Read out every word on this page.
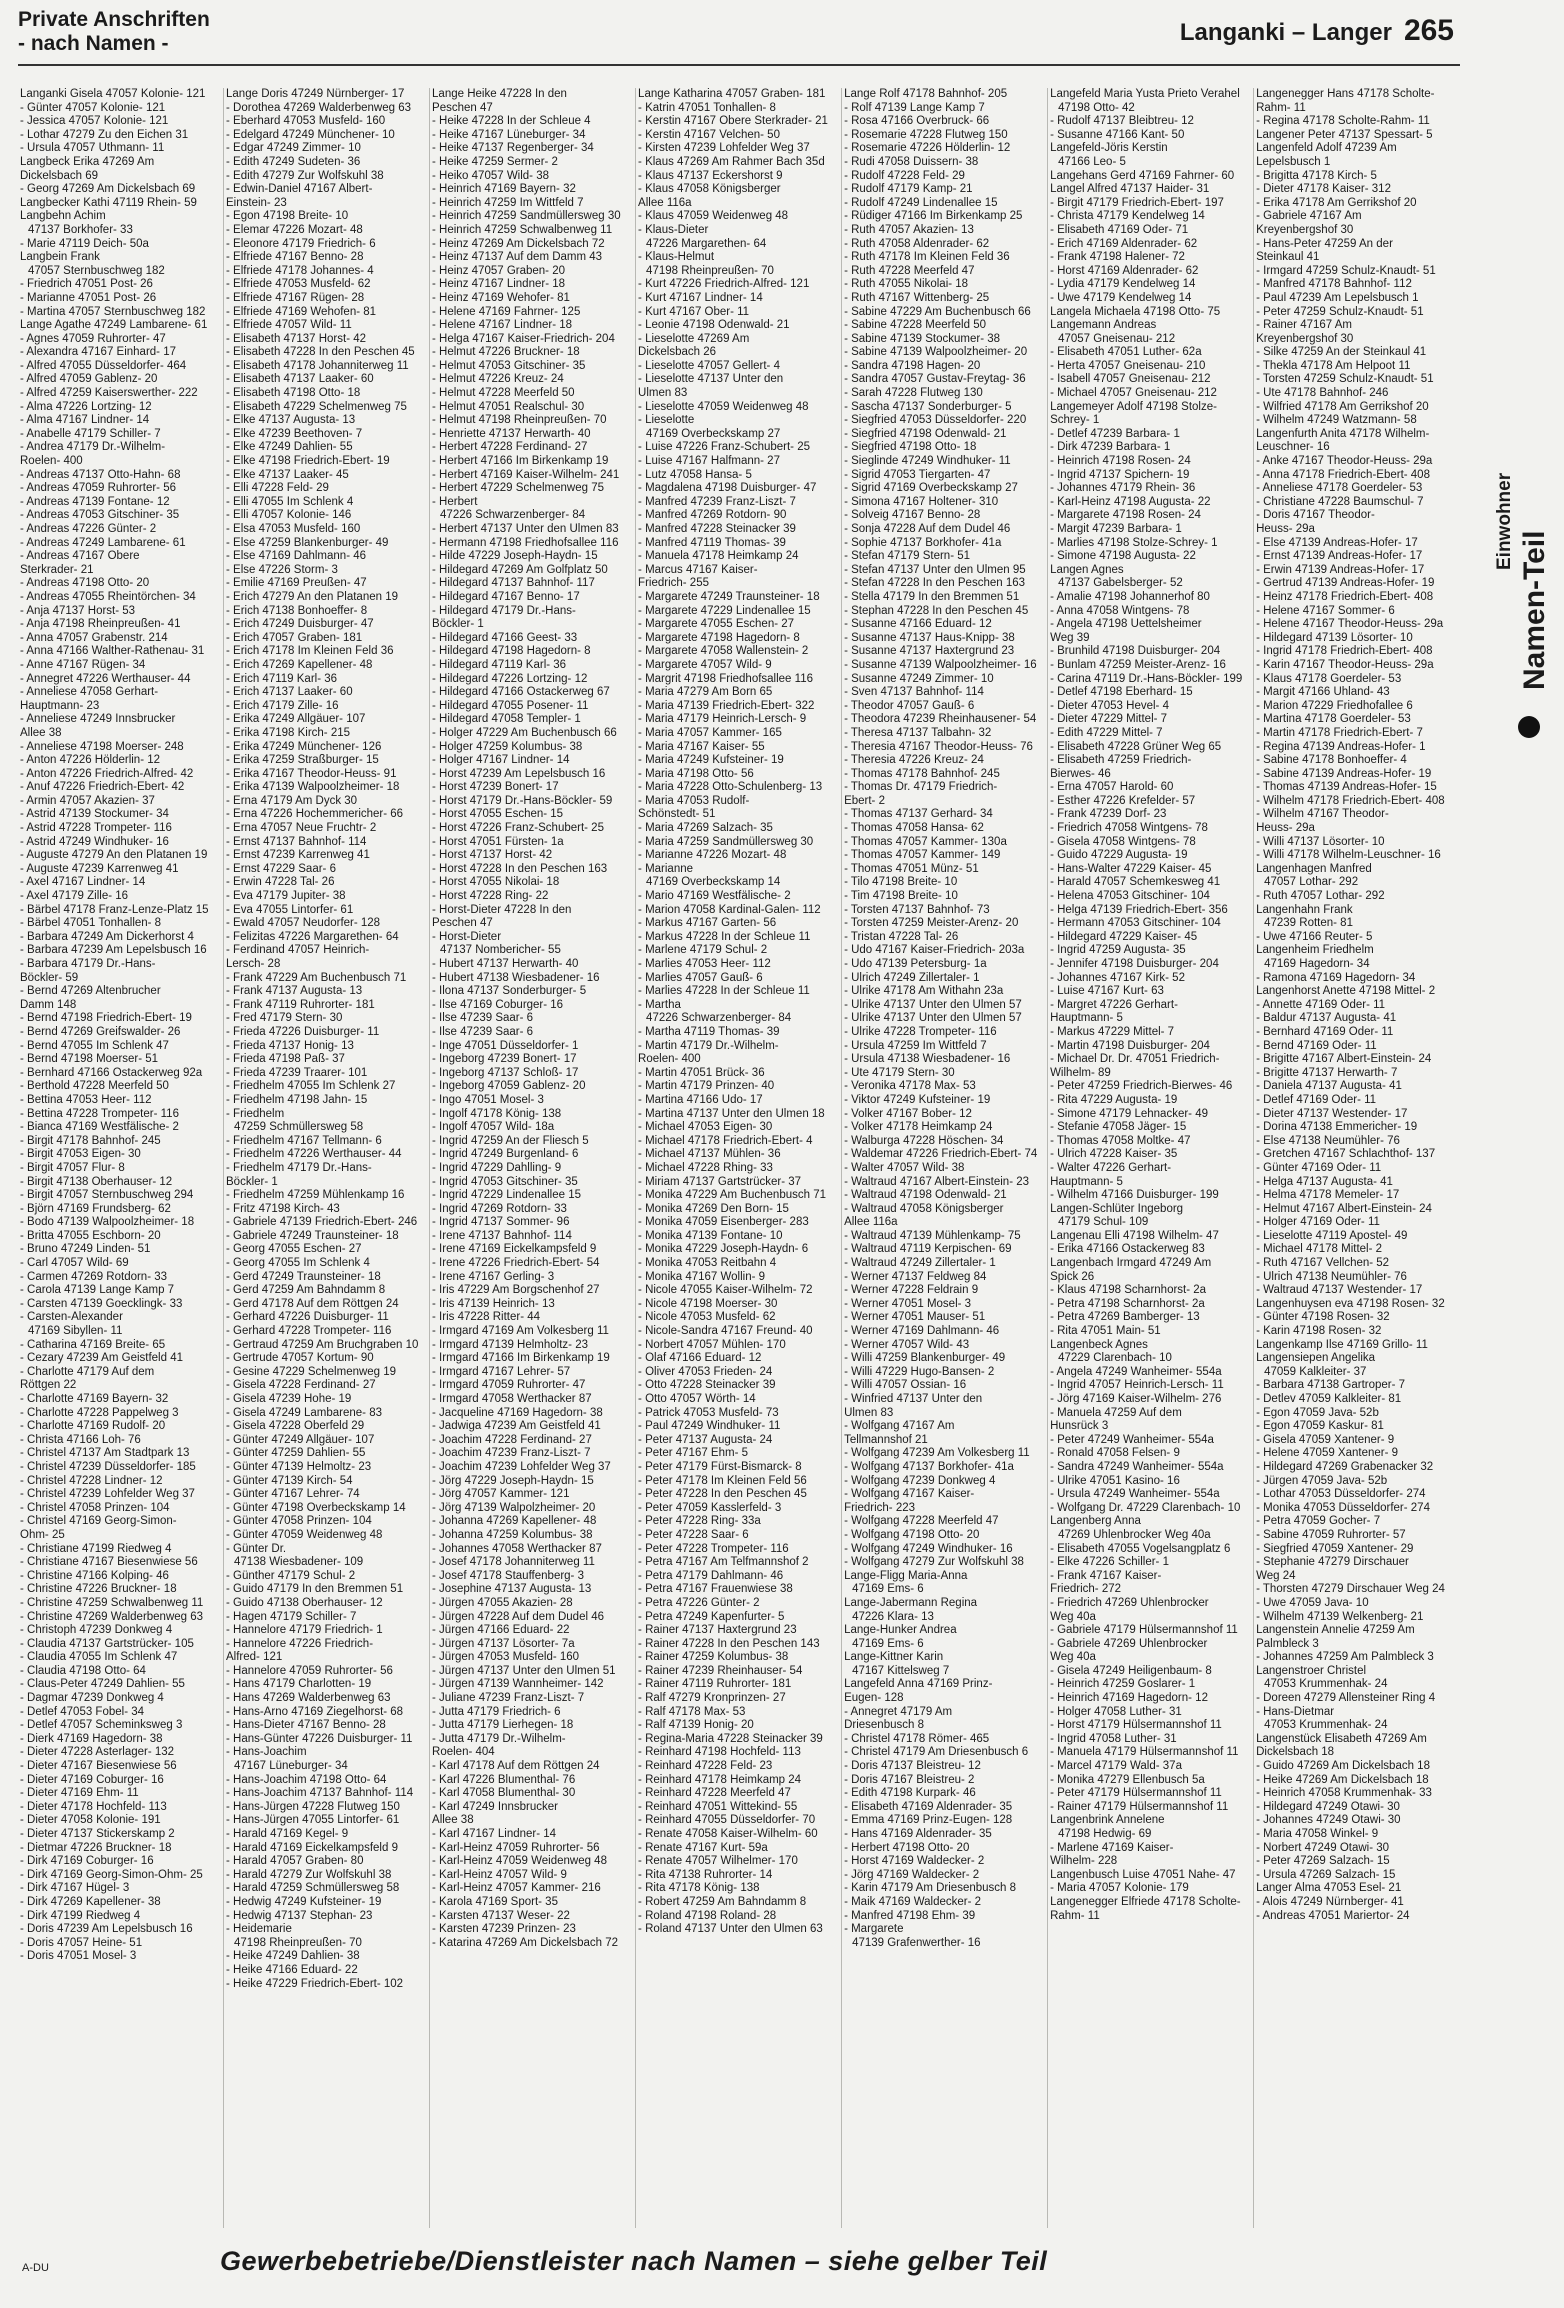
Private Anschriften
- nach Namen -	Langanki – Langer 265
Langanki Gisela 47057 Kolonie- 121
- Günter 47057 Kolonie- 121
- Jessica 47057 Kolonie- 121
- Lothar 47279 Zu den Eichen 31
- Ursula 47057 Uthmann- 11
Langbeck Erika 47269 Am
Dickelsbach 69
- Georg 47269 Am Dickelsbach 69
Langbecker Kathi 47119 Rhein- 59
Langbehn Achim
47137 Borkhofer- 33
- Marie 47119 Deich- 50a
Langbein Frank
47057 Sternbuschweg 182
- Friedrich 47051 Post- 26
- Marianne 47051 Post- 26
- Martina 47057 Sternbuschweg 182
Lange Agathe 47249 Lambarene- 61
- Agnes 47059 Ruhrorter- 47
- Alexandra 47167 Einhard- 17
- Alfred 47055 Düsseldorfer- 464
- Alfred 47059 Gablenz- 20
- Alfred 47259 Kaiserswerther- 222
- Alma 47226 Lortzing- 12
- Alma 47167 Lindner- 14
- Anabelle 47179 Schiller- 7
- Andrea 47179 Dr.-Wilhelm-
Roelen- 400
- Andreas 47137 Otto-Hahn- 68
- Andreas 47059 Ruhrorter- 56
- Andreas 47139 Fontane- 12
- Andreas 47053 Gitschiner- 35
- Andreas 47226 Günter- 2
- Andreas 47249 Lambarene- 61
- Andreas 47167 Obere
Sterkrader- 21
- Andreas 47198 Otto- 20
- Andreas 47055 Rheintörchen- 34
- Anja 47137 Horst- 53
- Anja 47198 Rheinpreußen- 41
- Anna 47057 Grabenstr. 214
- Anna 47166 Walther-Rathenau- 31
- Anne 47167 Rügen- 34
- Annegret 47226 Werthauser- 44
- Anneliese 47058 Gerhart-
Hauptmann- 23
- Anneliese 47249 Innsbrucker
Allee 38
- Anneliese 47198 Moerser- 248
- Anton 47226 Hölderlin- 12
- Anton 47226 Friedrich-Alfred- 42
- Anuf 47226 Friedrich-Ebert- 42
- Armin 47057 Akazien- 37
- Astrid 47139 Stockumer- 34
- Astrid 47228 Trompeter- 116
- Astrid 47249 Windhuker- 16
- Auguste 47279 An den Platanen 19
- Auguste 47239 Karrenweg 41
- Axel 47167 Lindner- 14
- Axel 47179 Zille- 16
- Bärbel 47178 Franz-Lenze-Platz 15
- Bärbel 47051 Tonhallen- 8
- Barbara 47249 Am Dickerhorst 4
- Barbara 47239 Am Lepelsbusch 16
- Barbara 47179 Dr.-Hans-
Böckler- 59
- Bernd 47269 Altenbrucher
Damm 148
- Bernd 47198 Friedrich-Ebert- 19
- Bernd 47269 Greifswalder- 26
- Bernd 47055 Im Schlenk 47
- Bernd 47198 Moerser- 51
- Bernhard 47166 Ostackerweg 92a
- Berthold 47228 Meerfeld 50
- Bettina 47053 Heer- 112
- Bettina 47228 Trompeter- 116
- Bianca 47169 Westfälische- 2
- Birgit 47178 Bahnhof- 245
- Birgit 47053 Eigen- 30
- Birgit 47057 Flur- 8
- Birgit 47138 Oberhauser- 12
- Birgit 47057 Sternbuschweg 294
- Björn 47169 Frundsberg- 62
- Bodo 47139 Walpoolzheimer- 18
- Britta 47055 Eschborn- 20
- Bruno 47249 Linden- 51
- Carl 47057 Wild- 69
- Carmen 47269 Rotdorn- 33
- Carola 47139 Lange Kamp 7
- Carsten 47139 Goecklingk- 33
- Carsten-Alexander
47169 Sibyllen- 11
- Catharina 47169 Breite- 65
- Cezary 47239 Am Geistfeld 41
- Charlotte 47179 Auf dem
Röttgen 22
- Charlotte 47169 Bayern- 32
- Charlotte 47228 Pappelweg 3
- Charlotte 47169 Rudolf- 20
- Christa 47166 Loh- 76
- Christel 47137 Am Stadtpark 13
- Christel 47239 Düsseldorfer- 185
- Christel 47228 Lindner- 12
- Christel 47239 Lohfelder Weg 37
- Christel 47058 Prinzen- 104
- Christel 47169 Georg-Simon-
Ohm- 25
- Christiane 47199 Riedweg 4
- Christiane 47167 Biesenwiese 56
- Christine 47166 Kolping- 46
- Christine 47226 Bruckner- 18
- Christine 47259 Schwalbenweg 11
- Christine 47269 Walderbenweg 63
- Christoph 47239 Donkweg 4
- Claudia 47137 Gartstrücker- 105
- Claudia 47055 Im Schlenk 47
- Claudia 47198 Otto- 64
- Claus-Peter 47249 Dahlien- 55
- Dagmar 47239 Donkweg 4
- Detlef 47053 Fobel- 34
- Detlef 47057 Scheminksweg 3
- Dierk 47169 Hagedorn- 38
- Dieter 47228 Asterlager- 132
- Dieter 47167 Biesenwiese 56
- Dieter 47169 Coburger- 16
- Dieter 47169 Ehm- 11
- Dieter 47178 Hochfeld- 113
- Dieter 47058 Kolonie- 191
- Dieter 47137 Stickerskamp 2
- Dietmar 47226 Bruckner- 18
- Dirk 47169 Coburger- 16
- Dirk 47169 Georg-Simon-Ohm- 25
- Dirk 47167 Hügel- 3
- Dirk 47269 Kapellener- 38
- Dirk 47199 Riedweg 4
- Doris 47239 Am Lepelsbusch 16
- Doris 47057 Heine- 51
- Doris 47051 Mosel- 3
Lange Doris 47249 Nürnberger- 17
- Dorothea 47269 Walderbenweg 63
- Eberhard 47053 Musfeld- 160
- Edelgard 47249 Münchener- 10
- Edgar 47249 Zimmer- 10
- Edith 47249 Sudeten- 36
- Edith 47279 Zur Wolfskuhl 38
- Edwin-Daniel 47167 Albert-
Einstein- 23
- Egon 47198 Breite- 10
- Elemar 47226 Mozart- 48
- Eleonore 47179 Friedrich- 6
- Elfriede 47167 Benno- 28
- Elfriede 47178 Johannes- 4
- Elfriede 47053 Musfeld- 62
- Elfriede 47167 Rügen- 28
- Elfriede 47169 Wehofen- 81
- Elfriede 47057 Wild- 11
- Elisabeth 47137 Horst- 42
- Elisabeth 47228 In den Peschen 45
- Elisabeth 47178 Johanniterweg 11
- Elisabeth 47137 Laaker- 60
- Elisabeth 47198 Otto- 18
- Elisabeth 47229 Schelmenweg 75
- Elke 47137 Augusta- 13
- Elke 47239 Beethoven- 7
- Elke 47249 Dahlien- 55
- Elke 47198 Friedrich-Ebert- 19
- Elke 47137 Laaker- 45
- Elli 47228 Feld- 29
- Elli 47055 Im Schlenk 4
- Elli 47057 Kolonie- 146
- Elsa 47053 Musfeld- 160
- Else 47259 Blankenburger- 49
- Else 47169 Dahlmann- 46
- Else 47226 Storm- 3
- Emilie 47169 Preußen- 47
- Erich 47279 An den Platanen 19
- Erich 47138 Bonhoeffer- 8
- Erich 47249 Duisburger- 47
- Erich 47057 Graben- 181
- Erich 47178 Im Kleinen Feld 36
- Erich 47269 Kapellener- 48
- Erich 47119 Karl- 36
- Erich 47137 Laaker- 60
- Erich 47179 Zille- 16
- Erika 47249 Allgäuer- 107
- Erika 47198 Kirch- 215
- Erika 47249 Münchener- 126
- Erika 47259 Straßburger- 15
- Erika 47167 Theodor-Heuss- 91
- Erika 47139 Walpoolzheimer- 18
- Erna 47179 Am Dyck 30
- Erna 47226 Hochemmericher- 66
- Erna 47057 Neue Fruchtr- 2
- Ernst 47137 Bahnhof- 114
- Ernst 47239 Karrenweg 41
- Ernst 47229 Saar- 6
- Erwin 47228 Tal- 26
- Eva 47179 Jupiter- 38
- Eva 47055 Lintorfer- 61
- Ewald 47057 Neudorfer- 128
- Felizitas 47226 Margarethen- 64
- Ferdinand 47057 Heinrich-
Lersch- 28
- Frank 47229 Am Buchenbusch 71
- Frank 47137 Augusta- 13
- Frank 47119 Ruhrorter- 181
- Fred 47179 Stern- 30
- Frieda 47226 Duisburger- 11
- Frieda 47137 Honig- 13
- Frieda 47198 Paß- 37
- Frieda 47239 Traarer- 101
- Friedhelm 47055 Im Schlenk 27
- Friedhelm 47198 Jahn- 15
- Friedhelm
47259 Schmüllersweg 58
- Friedhelm 47167 Tellmann- 6
- Friedhelm 47226 Werthauser- 44
- Friedhelm 47179 Dr.-Hans-
Böckler- 1
- Friedhelm 47259 Mühlenkamp 16
- Fritz 47198 Kirch- 43
- Gabriele 47139 Friedrich-Ebert- 246
- Gabriele 47249 Traunsteiner- 18
- Georg 47055 Eschen- 27
- Georg 47055 Im Schlenk 4
- Gerd 47249 Traunsteiner- 18
- Gerd 47259 Am Bahndamm 8
- Gerd 47178 Auf dem Röttgen 24
- Gerhard 47226 Duisburger- 11
- Gerhard 47228 Trompeter- 116
- Gertraud 47259 Am Bruchgraben 10
- Gertrude 47057 Kortum- 90
- Gesine 47229 Schelmenweg 19
- Gisela 47228 Ferdinand- 27
- Gisela 47239 Hohe- 19
- Gisela 47249 Lambarene- 83
- Gisela 47228 Oberfeld 29
- Günter 47249 Allgäuer- 107
- Günter 47259 Dahlien- 55
- Günter 47139 Helmoltz- 23
- Günter 47139 Kirch- 54
- Günter 47167 Lehrer- 74
- Günter 47198 Overbeckskamp 14
- Günter 47058 Prinzen- 104
- Günter 47059 Weidenweg 48
- Günter Dr.
47138 Wiesbadener- 109
- Günther 47179 Schul- 2
- Guido 47179 In den Bremmen 51
- Guido 47138 Oberhauser- 12
- Hagen 47179 Schiller- 7
- Hannelore 47179 Friedrich- 1
- Hannelore 47226 Friedrich-
Alfred- 121
- Hannelore 47059 Ruhrorter- 56
- Hans 47179 Charlotten- 19
- Hans 47269 Walderbenweg 63
- Hans-Arno 47169 Ziegelhorst- 68
- Hans-Dieter 47167 Benno- 28
- Hans-Günter 47226 Duisburger- 11
- Hans-Joachim
47167 Lüneburger- 34
- Hans-Joachim 47198 Otto- 64
- Hans-Joachim 47137 Bahnhof- 114
- Hans-Jürgen 47228 Flutweg 150
- Hans-Jürgen 47055 Lintorfer- 61
- Harald 47169 Kegel- 9
- Harald 47169 Eickelkampsfeld 9
- Harald 47057 Graben- 80
- Harald 47279 Zur Wolfskuhl 38
- Harald 47259 Schmüllersweg 58
- Hedwig 47249 Kufsteiner- 19
- Hedwig 47137 Stephan- 23
- Heidemarie
47198 Rheinpreußen- 70
- Heike 47249 Dahlien- 38
- Heike 47166 Eduard- 22
- Heike 47229 Friedrich-Ebert- 102
Lange Heike 47228 In den
Peschen 47
- Heike 47228 In der Schleue 4
- Heike 47167 Lüneburger- 34
- Heike 47137 Regenberger- 34
- Heike 47259 Sermer- 2
- Heiko 47057 Wild- 38
- Heinrich 47169 Bayern- 32
- Heinrich 47259 Im Wittfeld 7
- Heinrich 47259 Sandmüllersweg 30
- Heinrich 47259 Schwalbenweg 11
- Heinz 47269 Am Dickelsbach 72
- Heinz 47137 Auf dem Damm 43
- Heinz 47057 Graben- 20
- Heinz 47167 Lindner- 18
- Heinz 47169 Wehofer- 81
- Helene 47169 Fahrner- 125
- Helene 47167 Lindner- 18
- Helga 47167 Kaiser-Friedrich- 204
- Helmut 47226 Bruckner- 18
- Helmut 47053 Gitschiner- 35
- Helmut 47226 Kreuz- 24
- Helmut 47228 Meerfeld 50
- Helmut 47051 Realschul- 30
- Helmut 47198 Rheinpreußen- 70
- Henriette 47137 Herwarth- 40
- Herbert 47228 Ferdinand- 27
- Herbert 47166 Im Birkenkamp 19
- Herbert 47169 Kaiser-Wilhelm- 241
- Herbert 47229 Schelmenweg 75
- Herbert
47226 Schwarzenberger- 84
- Herbert 47137 Unter den Ulmen 83
- Hermann 47198 Friedhofsallee 116
- Hilde 47229 Joseph-Haydn- 15
- Hildegard 47269 Am Golfplatz 50
- Hildegard 47137 Bahnhof- 117
- Hildegard 47167 Benno- 17
- Hildegard 47179 Dr.-Hans-
Böckler- 1
- Hildegard 47166 Geest- 33
- Hildegard 47198 Hagedorn- 8
- Hildegard 47119 Karl- 36
- Hildegard 47226 Lortzing- 12
- Hildegard 47166 Ostackerweg 67
- Hildegard 47055 Posener- 11
- Hildegard 47058 Templer- 1
- Holger 47229 Am Buchenbusch 66
- Holger 47259 Kolumbus- 38
- Holger 47167 Lindner- 14
- Horst 47239 Am Lepelsbusch 16
- Horst 47239 Bonert- 17
- Horst 47179 Dr.-Hans-Böckler- 59
- Horst 47055 Eschen- 15
- Horst 47226 Franz-Schubert- 25
- Horst 47051 Fürsten- 1a
- Horst 47137 Horst- 42
- Horst 47228 In den Peschen 163
- Horst 47055 Nikolai- 18
- Horst 47228 Ring- 22
- Horst-Dieter 47228 In den
Peschen 47
- Horst-Dieter
47137 Nombericher- 55
- Hubert 47137 Herwarth- 40
- Hubert 47138 Wiesbadener- 16
- Ilona 47137 Sonderburger- 5
- Ilse 47169 Coburger- 16
- Ilse 47239 Saar- 6
- Ilse 47239 Saar- 6
- Inge 47051 Düsseldorfer- 1
- Ingeborg 47239 Bonert- 17
- Ingeborg 47137 Schloß- 17
- Ingeborg 47059 Gablenz- 20
- Ingo 47051 Mosel- 3
- Ingolf 47178 König- 138
- Ingolf 47057 Wild- 18a
- Ingrid 47259 An der Fliesch 5
- Ingrid 47249 Burgenland- 6
- Ingrid 47229 Dahlling- 9
- Ingrid 47053 Gitschiner- 35
- Ingrid 47229 Lindenallee 15
- Ingrid 47269 Rotdorn- 33
- Ingrid 47137 Sommer- 96
- Irene 47137 Bahnhof- 114
- Irene 47169 Eickelkampsfeld 9
- Irene 47226 Friedrich-Ebert- 54
- Irene 47167 Gerling- 3
- Iris 47229 Am Borgschenhof 27
- Iris 47139 Heinrich- 13
- Iris 47228 Ritter- 44
- Irmgard 47169 Am Volkesberg 11
- Irmgard 47139 Helmholtz- 23
- Irmgard 47166 Im Birkenkamp 19
- Irmgard 47167 Lehrer- 57
- Irmgard 47059 Ruhrorter- 47
- Irmgard 47058 Werthacker 87
- Jacqueline 47169 Hagedorn- 38
- Jadwiga 47239 Am Geistfeld 41
- Joachim 47228 Ferdinand- 27
- Joachim 47239 Franz-Liszt- 7
- Joachim 47239 Lohfelder Weg 37
- Jörg 47229 Joseph-Haydn- 15
- Jörg 47057 Kammer- 121
- Jörg 47139 Walpolzheimer- 20
- Johanna 47269 Kapellener- 48
- Johanna 47259 Kolumbus- 38
- Johannes 47058 Werthacker 87
- Josef 47178 Johanniterweg 11
- Josef 47178 Stauffenberg- 3
- Josephine 47137 Augusta- 13
- Jürgen 47055 Akazien- 28
- Jürgen 47228 Auf dem Dudel 46
- Jürgen 47166 Eduard- 22
- Jürgen 47137 Lösorter- 7a
- Jürgen 47053 Musfeld- 160
- Jürgen 47137 Unter den Ulmen 51
- Jürgen 47139 Wannheimer- 142
- Juliane 47239 Franz-Liszt- 7
- Jutta 47179 Friedrich- 6
- Jutta 47179 Lierhegen- 18
- Jutta 47179 Dr.-Wilhelm-
Roelen- 404
- Karl 47178 Auf dem Röttgen 24
- Karl 47226 Blumenthal- 76
- Karl 47058 Blumenthal- 30
- Karl 47249 Innsbrucker
Allee 38
- Karl 47167 Lindner- 14
- Karl-Heinz 47059 Ruhrorter- 56
- Karl-Heinz 47059 Weidenweg 48
- Karl-Heinz 47057 Wild- 9
- Karl-Heinz 47057 Kammer- 216
- Karola 47169 Sport- 35
- Karsten 47137 Weser- 22
- Karsten 47239 Prinzen- 23
- Katarina 47269 Am Dickelsbach 72
Lange Katharina 47057 Graben- 181
- Katrin 47051 Tonhallen- 8
- Kerstin 47167 Obere Sterkrader- 21
- Kerstin 47167 Velchen- 50
- Kirsten 47239 Lohfelder Weg 37
- Klaus 47269 Am Rahmer Bach 35d
- Klaus 47137 Eckershorst 9
- Klaus 47058 Königsberger
Allee 116a
- Klaus 47059 Weidenweg 48
- Klaus-Dieter
47226 Margarethen- 64
- Klaus-Helmut
47198 Rheinpreußen- 70
- Kurt 47226 Friedrich-Alfred- 121
- Kurt 47167 Lindner- 14
- Kurt 47167 Ober- 11
- Leonie 47198 Odenwald- 21
- Lieselotte 47269 Am
Dickelsbach 26
- Lieselotte 47057 Gellert- 4
- Lieselotte 47137 Unter den
Ulmen 83
- Lieselotte 47059 Weidenweg 48
- Lieselotte
47169 Overbeckskamp 27
- Luise 47226 Franz-Schubert- 25
- Luise 47167 Halfmann- 27
- Lutz 47058 Hansa- 5
- Magdalena 47198 Duisburger- 47
- Manfred 47239 Franz-Liszt- 7
- Manfred 47269 Rotdorn- 90
- Manfred 47228 Steinacker 39
- Manfred 47119 Thomas- 39
- Manuela 47178 Heimkamp 24
- Marcus 47167 Kaiser-
Friedrich- 255
- Margarete 47249 Traunsteiner- 18
- Margarete 47229 Lindenallee 15
- Margarete 47055 Eschen- 27
- Margarete 47198 Hagedorn- 8
- Margarete 47058 Wallenstein- 2
- Margarete 47057 Wild- 9
- Margrit 47198 Friedhofsallee 116
- Maria 47279 Am Born 65
- Maria 47139 Friedrich-Ebert- 322
- Maria 47179 Heinrich-Lersch- 9
- Maria 47057 Kammer- 165
- Maria 47167 Kaiser- 55
- Maria 47249 Kufsteiner- 19
- Maria 47198 Otto- 56
- Maria 47228 Otto-Schulenberg- 13
- Maria 47053 Rudolf-
Schönstedt- 51
- Maria 47269 Salzach- 35
- Maria 47259 Sandmüllersweg 30
- Marianne 47226 Mozart- 48
- Marianne
47169 Overbeckskamp 14
- Mario 47169 Westfälische- 2
- Marion 47058 Kardinal-Galen- 112
- Markus 47167 Garten- 56
- Markus 47228 In der Schleue 11
- Marlene 47179 Schul- 2
- Marlies 47053 Heer- 112
- Marlies 47057 Gauß- 6
- Marlies 47228 In der Schleue 11
- Martha
47226 Schwarzenberger- 84
- Martha 47119 Thomas- 39
- Martin 47179 Dr.-Wilhelm-
Roelen- 400
- Martin 47051 Brück- 36
- Martin 47179 Prinzen- 40
- Martina 47166 Udo- 17
- Martina 47137 Unter den Ulmen 18
- Michael 47053 Eigen- 30
- Michael 47178 Friedrich-Ebert- 4
- Michael 47137 Mühlen- 36
- Michael 47228 Rhing- 33
- Miriam 47137 Gartstrücker- 37
- Monika 47229 Am Buchenbusch 71
- Monika 47269 Den Born- 15
- Monika 47059 Eisenberger- 283
- Monika 47139 Fontane- 10
- Monika 47229 Joseph-Haydn- 6
- Monika 47053 Reitbahn 4
- Monika 47167 Wollin- 9
- Nicole 47055 Kaiser-Wilhelm- 72
- Nicole 47198 Moerser- 30
- Nicole 47053 Musfeld- 62
- Nicole-Sandra 47167 Freund- 40
- Norbert 47057 Mühlen- 170
- Olaf 47166 Eduard- 12
- Oliver 47053 Frieden- 24
- Otto 47228 Steinacker 39
- Otto 47057 Wörth- 14
- Patrick 47053 Musfeld- 73
- Paul 47249 Windhuker- 11
- Peter 47137 Augusta- 24
- Peter 47167 Ehm- 5
- Peter 47179 Fürst-Bismarck- 8
- Peter 47178 Im Kleinen Feld 56
- Peter 47228 In den Peschen 45
- Peter 47059 Kasslerfeld- 3
- Peter 47228 Ring- 33a
- Peter 47228 Saar- 6
- Peter 47228 Trompeter- 116
- Petra 47167 Am Telfmannshof 2
- Petra 47179 Dahlmann- 46
- Petra 47167 Frauenwiese 38
- Petra 47226 Günter- 2
- Petra 47249 Kapenfurter- 5
- Rainer 47137 Haxtergrund 23
- Rainer 47228 In den Peschen 143
- Rainer 47259 Kolumbus- 38
- Rainer 47239 Rheinhauser- 54
- Rainer 47119 Ruhrorter- 181
- Ralf 47279 Kronprinzen- 27
- Ralf 47178 Max- 53
- Ralf 47139 Honig- 20
- Regina-Maria 47228 Steinacker 39
- Reinhard 47198 Hochfeld- 113
- Reinhard 47228 Feld- 23
- Reinhard 47178 Heimkamp 24
- Reinhard 47228 Meerfeld 47
- Reinhard 47051 Wittekind- 55
- Reinhard 47055 Düsseldorfer- 70
- Renate 47058 Kaiser-Wilhelm- 60
- Renate 47167 Kurt- 59a
- Renate 47057 Wilhelmer- 170
- Rita 47138 Ruhrorter- 14
- Rita 47178 König- 138
- Robert 47259 Am Bahndamm 8
- Roland 47198 Roland- 28
- Roland 47137 Unter den Ulmen 63
Lange Rolf 47178 Bahnhof- 205
- Rolf 47139 Lange Kamp 7
- Rosa 47166 Overbruck- 66
- Rosemarie 47228 Flutweg 150
- Rosemarie 47226 Hölderlin- 12
- Rudi 47058 Duissern- 38
- Rudolf 47228 Feld- 29
- Rudolf 47179 Kamp- 21
- Rudolf 47249 Lindenallee 15
- Rüdiger 47166 Im Birkenkamp 25
- Ruth 47057 Akazien- 13
- Ruth 47058 Aldenrader- 62
- Ruth 47178 Im Kleinen Feld 36
- Ruth 47228 Meerfeld 47
- Ruth 47055 Nikolai- 18
- Ruth 47167 Wittenberg- 25
- Sabine 47229 Am Buchenbusch 66
- Sabine 47228 Meerfeld 50
- Sabine 47139 Stockumer- 38
- Sabine 47139 Walpoolzheimer- 20
- Sandra 47198 Hagen- 20
- Sandra 47057 Gustav-Freytag- 36
- Sarah 47228 Flutweg 130
- Sascha 47137 Sonderburger- 5
- Siegfried 47053 Düsseldorfer- 220
- Siegfried 47198 Odenwald- 21
- Siegfried 47198 Otto- 18
- Sieglinde 47249 Windhuker- 11
- Sigrid 47053 Tiergarten- 47
- Sigrid 47169 Overbeckskamp 27
- Simona 47167 Holtener- 310
- Solveig 47167 Benno- 28
- Sonja 47228 Auf dem Dudel 46
- Sophie 47137 Borkhofer- 41a
- Stefan 47179 Stern- 51
- Stefan 47137 Unter den Ulmen 95
- Stefan 47228 In den Peschen 163
- Stella 47179 In den Bremmen 51
- Stephan 47228 In den Peschen 45
- Susanne 47166 Eduard- 12
- Susanne 47137 Haus-Knipp- 38
- Susanne 47137 Haxtergrund 23
- Susanne 47139 Walpoolzheimer- 16
- Susanne 47249 Zimmer- 10
- Sven 47137 Bahnhof- 114
- Theodor 47057 Gauß- 6
- Theodora 47239 Rheinhausener- 54
- Theresa 47137 Talbahn- 32
- Theresia 47167 Theodor-Heuss- 76
- Theresia 47226 Kreuz- 24
- Thomas 47178 Bahnhof- 245
- Thomas Dr. 47179 Friedrich-
Ebert- 2
- Thomas 47137 Gerhard- 34
- Thomas 47058 Hansa- 62
- Thomas 47057 Kammer- 130a
- Thomas 47057 Kammer- 149
- Thomas 47051 Münz- 51
- Tilo 47198 Breite- 10
- Tim 47198 Breite- 10
- Torsten 47137 Bahnhof- 73
- Torsten 47259 Meister-Arenz- 20
- Tristan 47228 Tal- 26
- Udo 47167 Kaiser-Friedrich- 203a
- Udo 47139 Petersburg- 1a
- Ulrich 47249 Zillertaler- 1
- Ulrike 47178 Am Withahn 23a
- Ulrike 47137 Unter den Ulmen 57
- Ulrike 47137 Unter den Ulmen 57
- Ulrike 47228 Trompeter- 116
- Ursula 47259 Im Wittfeld 7
- Ursula 47138 Wiesbadener- 16
- Ute 47179 Stern- 30
- Veronika 47178 Max- 53
- Viktor 47249 Kufsteiner- 19
- Volker 47167 Bober- 12
- Volker 47178 Heimkamp 24
- Walburga 47228 Höschen- 34
- Waldemar 47226 Friedrich-Ebert- 74
- Walter 47057 Wild- 38
- Waltraud 47167 Albert-Einstein- 23
- Waltraud 47198 Odenwald- 21
- Waltraud 47058 Königsberger
Allee 116a
- Waltraud 47139 Mühlenkamp- 75
- Waltraud 47119 Kerpischen- 69
- Waltraud 47249 Zillertaler- 1
- Werner 47137 Feldweg 84
- Werner 47228 Feldrain 9
- Werner 47051 Mosel- 3
- Werner 47051 Mauser- 51
- Werner 47169 Dahlmann- 46
- Werner 47057 Wild- 43
- Willi 47259 Blankenburger- 49
- Willi 47229 Hugo-Bansen- 2
- Willi 47057 Ossian- 16
- Winfried 47137 Unter den
Ulmen 83
- Wolfgang 47167 Am
Tellmannshof 21
- Wolfgang 47239 Am Volkesberg 11
- Wolfgang 47137 Borkhofer- 41a
- Wolfgang 47239 Donkweg 4
- Wolfgang 47167 Kaiser-
Friedrich- 223
- Wolfgang 47228 Meerfeld 47
- Wolfgang 47198 Otto- 20
- Wolfgang 47249 Windhuker- 16
- Wolfgang 47279 Zur Wolfskuhl 38
Lange-Fligg Maria-Anna
47169 Ems- 6
Lange-Jabermann Regina
47226 Klara- 13
Lange-Hunker Andrea
47169 Ems- 6
Lange-Kittner Karin
47167 Kittelsweg 7
Langefeld Anna 47169 Prinz-
Eugen- 128
- Annegret 47179 Am
Driesenbusch 8
- Christel 47178 Römer- 465
- Christel 47179 Am Driesenbusch 6
- Doris 47137 Bleistreu- 12
- Doris 47167 Bleistreu- 2
- Edith 47198 Kurpark- 46
- Elisabeth 47169 Aldenrader- 35
- Emma 47169 Prinz-Eugen- 128
- Hans 47169 Aldenrader- 35
- Herbert 47198 Otto- 20
- Horst 47169 Waldecker- 2
- Jörg 47169 Waldecker- 2
- Karin 47179 Am Driesenbusch 8
- Maik 47169 Waldecker- 2
- Manfred 47198 Ehm- 39
- Margarete
47139 Grafenwerther- 16
Langefeld Maria Yusta Prieto Verahel
47198 Otto- 42
- Rudolf 47137 Bleibtreu- 12
- Susanne 47166 Kant- 50
Langefeld-Jöris Kerstin
47166 Leo- 5
Langehans Gerd 47169 Fahrner- 60
Langel Alfred 47137 Haider- 31
- Birgit 47179 Friedrich-Ebert- 197
- Christa 47179 Kendelweg 14
- Elisabeth 47169 Oder- 71
- Erich 47169 Aldenrader- 62
- Frank 47198 Halener- 72
- Horst 47169 Aldenrader- 62
- Lydia 47179 Kendelweg 14
- Uwe 47179 Kendelweg 14
Langela Michaela 47198 Otto- 75
Langemann Andreas
47057 Gneisenau- 212
- Elisabeth 47051 Luther- 62a
- Herta 47057 Gneisenau- 210
- Isabell 47057 Gneisenau- 212
- Michael 47057 Gneisenau- 212
Langemeyer Adolf 47198 Stolze-
Schrey- 1
- Detlef 47239 Barbara- 1
- Dirk 47239 Barbara- 1
- Heinrich 47198 Rosen- 24
- Ingrid 47137 Spichern- 19
- Johannes 47179 Rhein- 36
- Karl-Heinz 47198 Augusta- 22
- Margarete 47198 Rosen- 24
- Margit 47239 Barbara- 1
- Marlies 47198 Stolze-Schrey- 1
- Simone 47198 Augusta- 22
Langen Agnes
47137 Gabelsberger- 52
- Amalie 47198 Johannerhof 80
- Anna 47058 Wintgens- 78
- Angela 47198 Uettelsheimer
Weg 39
- Brunhild 47198 Duisburger- 204
- Bunlam 47259 Meister-Arenz- 16
- Carina 47119 Dr.-Hans-Böckler- 199
- Detlef 47198 Eberhard- 15
- Dieter 47053 Hevel- 4
- Dieter 47229 Mittel- 7
- Edith 47229 Mittel- 7
- Elisabeth 47228 Grüner Weg 65
- Elisabeth 47259 Friedrich-
Bierwes- 46
- Erna 47057 Harold- 60
- Esther 47226 Krefelder- 57
- Frank 47239 Dorf- 23
- Friedrich 47058 Wintgens- 78
- Gisela 47058 Wintgens- 78
- Guido 47229 Augusta- 19
- Hans-Walter 47229 Kaiser- 45
- Harald 47057 Schemkesweg 41
- Helena 47053 Gitschiner- 104
- Helga 47139 Friedrich-Ebert- 356
- Hermann 47053 Gitschiner- 104
- Hildegard 47229 Kaiser- 45
- Ingrid 47259 Augusta- 35
- Jennifer 47198 Duisburger- 204
- Johannes 47167 Kirk- 52
- Luise 47167 Kurt- 63
- Margret 47226 Gerhart-
Hauptmann- 5
- Markus 47229 Mittel- 7
- Martin 47198 Duisburger- 204
- Michael Dr. Dr. 47051 Friedrich-
Wilhelm- 89
- Peter 47259 Friedrich-Bierwes- 46
- Rita 47229 Augusta- 19
- Simone 47179 Lehnacker- 49
- Stefanie 47058 Jäger- 15
- Thomas 47058 Moltke- 47
- Ulrich 47228 Kaiser- 35
- Walter 47226 Gerhart-
Hauptmann- 5
- Wilhelm 47166 Duisburger- 199
Langen-Schlüter Ingeborg
47179 Schul- 109
Langenau Elli 47198 Wilhelm- 47
- Erika 47166 Ostackerweg 83
Langenbach Irmgard 47249 Am
Spick 26
- Klaus 47198 Scharnhorst- 2a
- Petra 47198 Scharnhorst- 2a
- Petra 47269 Bamberger- 13
- Rita 47051 Main- 51
Langenbeck Agnes
47229 Clarenbach- 10
- Angela 47249 Wanheimer- 554a
- Ingrid 47057 Heinrich-Lersch- 11
- Jörg 47169 Kaiser-Wilhelm- 276
- Manuela 47259 Auf dem
Hunsrück 3
- Peter 47249 Wanheimer- 554a
- Ronald 47058 Felsen- 9
- Sandra 47249 Wanheimer- 554a
- Ulrike 47051 Kasino- 16
- Ursula 47249 Wanheimer- 554a
- Wolfgang Dr. 47229 Clarenbach- 10
Langenberg Anna
47269 Uhlenbrocker Weg 40a
- Elisabeth 47055 Vogelsangplatz 6
- Elke 47226 Schiller- 1
- Frank 47167 Kaiser-
Friedrich- 272
- Friedrich 47269 Uhlenbrocker
Weg 40a
- Gabriele 47179 Hülsermannshof 11
- Gabriele 47269 Uhlenbrocker
Weg 40a
- Gisela 47249 Heiligenbaum- 8
- Heinrich 47259 Goslarer- 1
- Heinrich 47169 Hagedorn- 12
- Holger 47058 Luther- 31
- Horst 47179 Hülsermannshof 11
- Ingrid 47058 Luther- 31
- Manuela 47179 Hülsermannshof 11
- Marcel 47179 Wald- 37a
- Monika 47279 Ellenbusch 5a
- Peter 47179 Hülsermannshof 11
- Rainer 47179 Hülsermannshof 11
Langenbrink Annelene
47198 Hedwig- 69
- Marlene 47169 Kaiser-
Wilhelm- 228
Langenbusch Luise 47051 Nahe- 47
- Maria 47057 Kolonie- 179
Langenegger Elfriede 47178 Scholte-
Rahm- 11
Langenegger Hans 47178 Scholte-
Rahm- 11
- Regina 47178 Scholte-Rahm- 11
Langener Peter 47137 Spessart- 5
Langenfeld Adolf 47239 Am
Lepelsbusch 1
- Brigitta 47178 Kirch- 5
- Dieter 47178 Kaiser- 312
- Erika 47178 Am Gerrikshof 20
- Gabriele 47167 Am
Kreyenbergshof 30
- Hans-Peter 47259 An der
Steinkaul 41
- Irmgard 47259 Schulz-Knaudt- 51
- Manfred 47178 Bahnhof- 112
- Paul 47239 Am Lepelsbusch 1
- Peter 47259 Schulz-Knaudt- 51
- Rainer 47167 Am
Kreyenbergshof 30
- Silke 47259 An der Steinkaul 41
- Thekla 47178 Am Helpoot 11
- Torsten 47259 Schulz-Knaudt- 51
- Ute 47178 Bahnhof- 246
- Wilfried 47178 Am Gerrikshof 20
- Wilhelm 47249 Watzmann- 58
Langenfurth Anita 47178 Wilhelm-
Leuschner- 16
- Anke 47167 Theodor-Heuss- 29a
- Anna 47178 Friedrich-Ebert- 408
- Anneliese 47178 Goerdeler- 53
- Christiane 47228 Baumschul- 7
- Doris 47167 Theodor-
Heuss- 29a
- Else 47139 Andreas-Hofer- 17
- Ernst 47139 Andreas-Hofer- 17
- Erwin 47139 Andreas-Hofer- 17
- Gertrud 47139 Andreas-Hofer- 19
- Heinz 47178 Friedrich-Ebert- 408
- Helene 47167 Sommer- 6
- Helene 47167 Theodor-Heuss- 29a
- Hildegard 47139 Lösorter- 10
- Ingrid 47178 Friedrich-Ebert- 408
- Karin 47167 Theodor-Heuss- 29a
- Klaus 47178 Goerdeler- 53
- Margit 47166 Uhland- 43
- Marion 47229 Friedhofallee 6
- Martina 47178 Goerdeler- 53
- Martin 47178 Friedrich-Ebert- 7
- Regina 47139 Andreas-Hofer- 1
- Sabine 47178 Bonhoeffer- 4
- Sabine 47139 Andreas-Hofer- 19
- Thomas 47139 Andreas-Hofer- 15
- Wilhelm 47178 Friedrich-Ebert- 408
- Wilhelm 47167 Theodor-
Heuss- 29a
- Willi 47137 Lösorter- 10
- Willi 47178 Wilhelm-Leuschner- 16
Langenhagen Manfred
47057 Lothar- 292
- Ruth 47057 Lothar- 292
Langenhahn Frank
47239 Rotten- 81
- Uwe 47166 Reuter- 5
Langenheim Friedhelm
47169 Hagedorn- 34
- Ramona 47169 Hagedorn- 34
Langenhorst Anette 47198 Mittel- 2
- Annette 47169 Oder- 11
- Baldur 47137 Augusta- 41
- Bernhard 47169 Oder- 11
- Bernd 47169 Oder- 11
- Brigitte 47167 Albert-Einstein- 24
- Brigitte 47137 Herwarth- 7
- Daniela 47137 Augusta- 41
- Detlef 47169 Oder- 11
- Dieter 47137 Westender- 17
- Dorina 47138 Emmericher- 19
- Else 47138 Neumühler- 76
- Gretchen 47167 Schlachthof- 137
- Günter 47169 Oder- 11
- Helga 47137 Augusta- 41
- Helma 47178 Memeler- 17
- Helmut 47167 Albert-Einstein- 24
- Holger 47169 Oder- 11
- Lieselotte 47119 Apostel- 49
- Michael 47178 Mittel- 2
- Ruth 47167 Vellchen- 52
- Ulrich 47138 Neumühler- 76
- Waltraud 47137 Westender- 17
Langenhuysen eva 47198 Rosen- 32
- Günter 47198 Rosen- 32
- Karin 47198 Rosen- 32
Langenkamp Ilse 47169 Grillo- 11
Langensiepen Angelika
47059 Kalkleiter- 37
- Barbara 47138 Gartroper- 7
- Detlev 47059 Kalkleiter- 81
- Egon 47059 Java- 52b
- Egon 47059 Kaskur- 81
- Gisela 47059 Xantener- 9
- Helene 47059 Xantener- 9
- Hildegard 47269 Grabenacker 32
- Jürgen 47059 Java- 52b
- Lothar 47053 Düsseldorfer- 274
- Monika 47053 Düsseldorfer- 274
- Petra 47059 Gocher- 7
- Sabine 47059 Ruhrorter- 57
- Siegfried 47059 Xantener- 29
- Stephanie 47279 Dirschauer
Weg 24
- Thorsten 47279 Dirschauer Weg 24
- Uwe 47059 Java- 10
- Wilhelm 47139 Welkenberg- 21
Langenstein Annelie 47259 Am
Palmbleck 3
- Johannes 47259 Am Palmbleck 3
Langenstroer Christel
47053 Krummenhak- 24
- Doreen 47279 Allensteiner Ring 4
- Hans-Dietmar
47053 Krummenhak- 24
Langenstück Elisabeth 47269 Am
Dickelsbach 18
- Guido 47269 Am Dickelsbach 18
- Heike 47269 Am Dickelsbach 18
- Heinrich 47058 Krummenhak- 33
- Hildegard 47249 Otawi- 30
- Johannes 47249 Otawi- 30
- Maria 47058 Winkel- 9
- Norbert 47249 Otawi- 30
- Peter 47269 Salzach- 15
- Ursula 47269 Salzach- 15
Langer Alma 47053 Esel- 21
- Alois 47249 Nürnberger- 41
- Andreas 47051 Mariertor- 24
Einwohner
Namen-Teil
A-DU	Gewerbebetriebe/Dienstleister nach Namen – siehe gelber Teil
